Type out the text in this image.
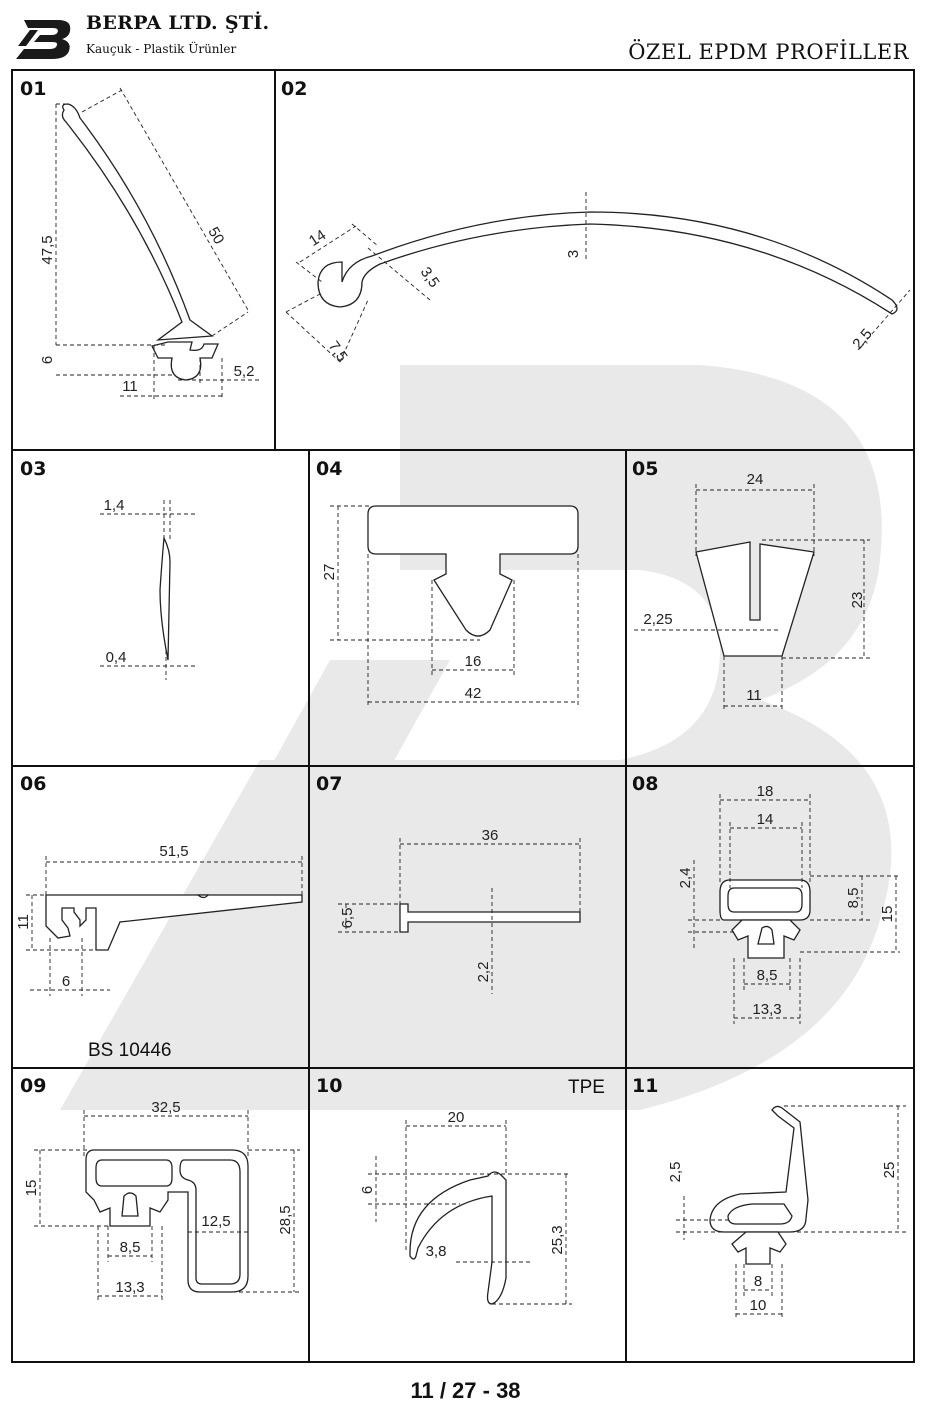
BERPA LTD. ŞTİ.
Kauçuk - Plastik Ürünler	ÖZEL EPDM PROFİLLER
01	02
03	04	05
06	07	08
09	10	11
BS 10446
TPE
47,5	50
6
11
5,2
14
3,5
3
7,5	2,5
1,4
0,4
27
16
42
24
23
2,25
11
51,5
11
6
36
6,5
2,2
18
14
2,4
8,5
15
8,5
13,3
32,5
15
12,5	28,5
8,5
13,3
20
6
25,3
3,8
2,5	25
8
10
11 / 27 - 38
